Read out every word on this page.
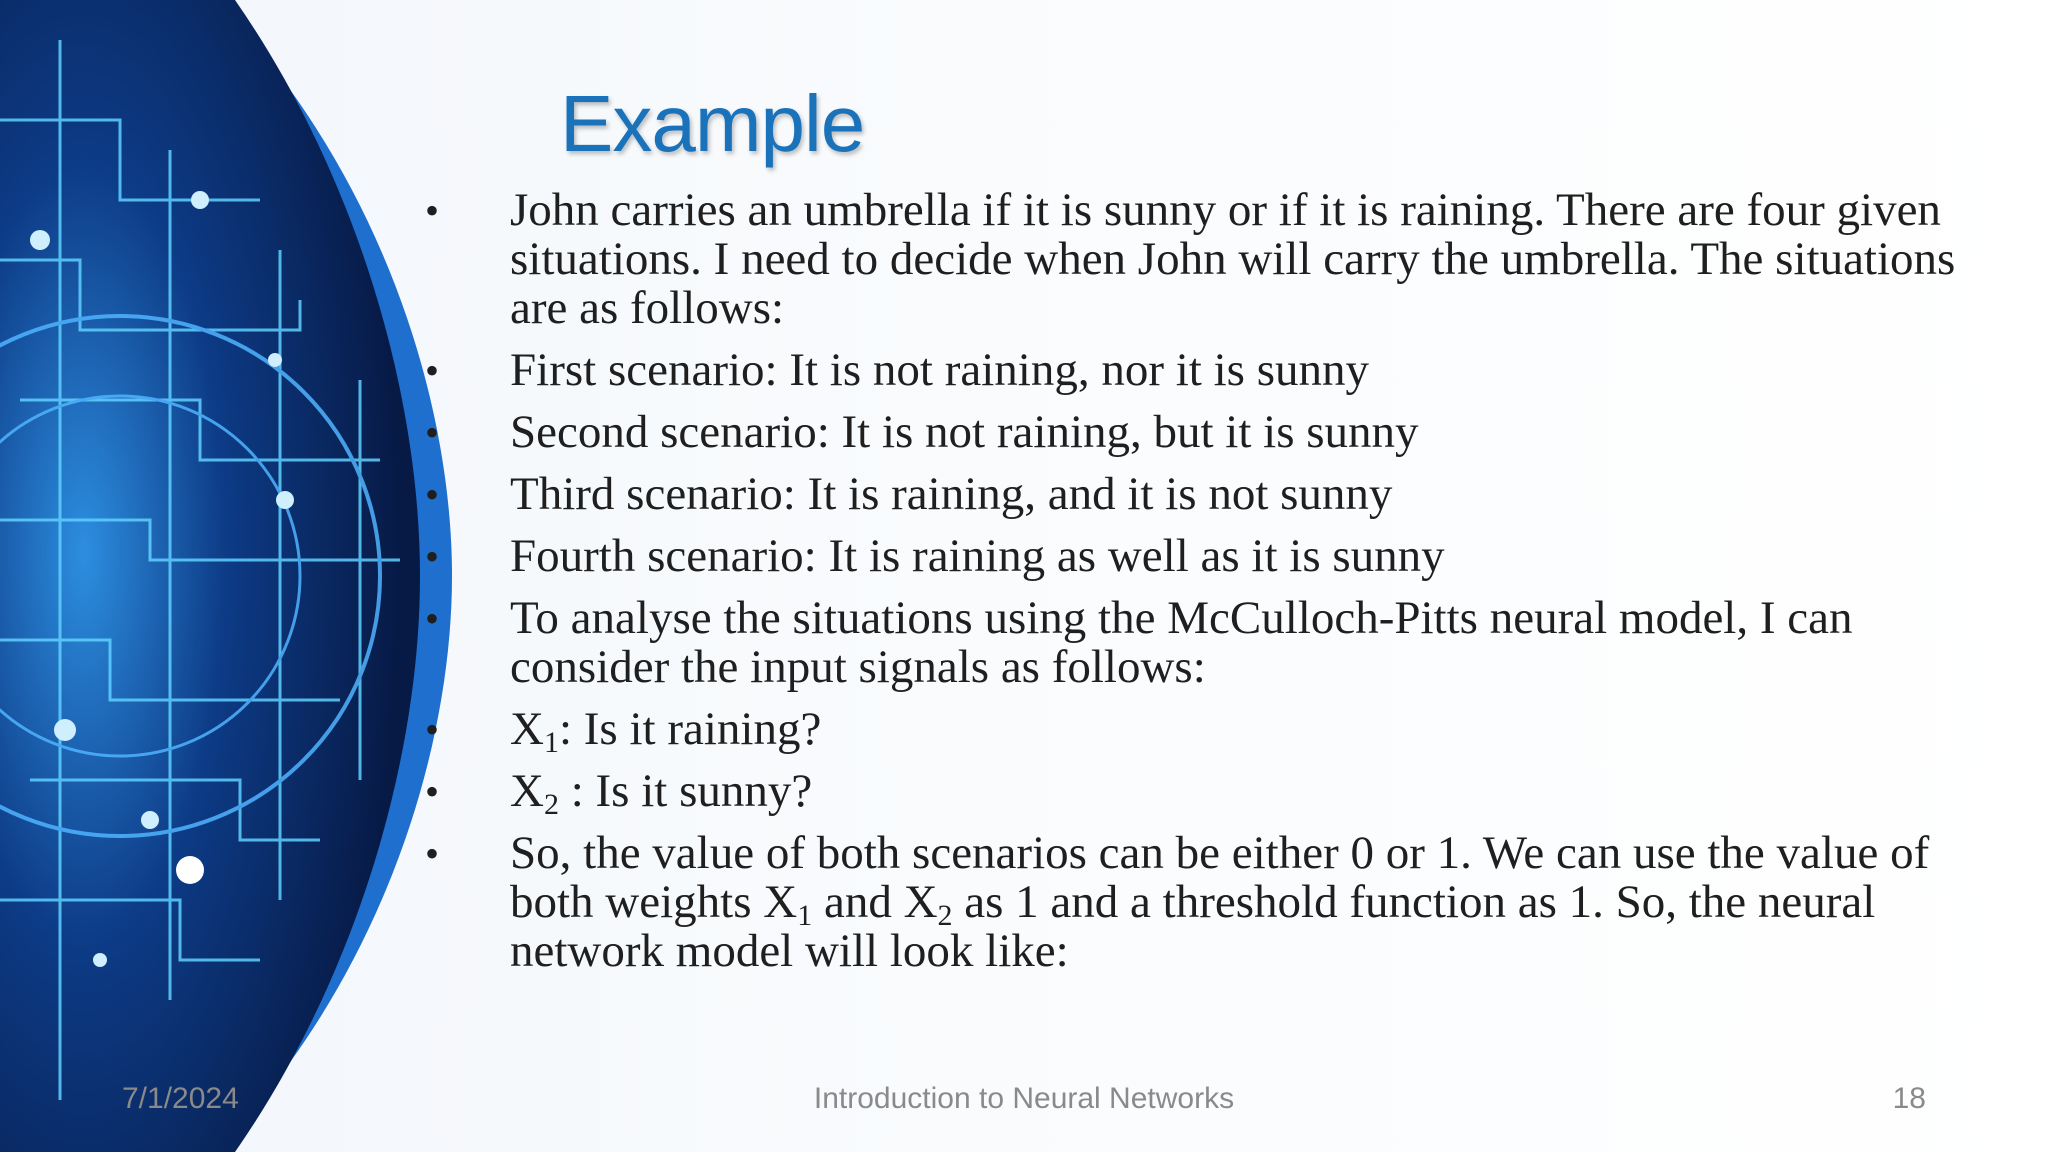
Example
•	John carries an umbrella if it is sunny or if it is raining. There are four given situations. I need to decide when John will carry the umbrella. The situations are as follows:
•	First scenario: It is not raining, nor it is sunny
•	Second scenario: It is not raining, but it is sunny
•	Third scenario: It is raining, and it is not sunny
•	Fourth scenario: It is raining as well as it is sunny
•	To analyse the situations using the McCulloch-Pitts neural model, I can consider the input signals as follows:
•	$X_1$: Is it raining?
•	$X_2$ : Is it sunny?
•	So, the value of both scenarios can be either 0 or 1. We can use the value of both weights $X_1$ and $X_2$ as 1 and a threshold function as 1. So, the neural network model will look like:
7/1/2024	Introduction to Neural Networks	18
